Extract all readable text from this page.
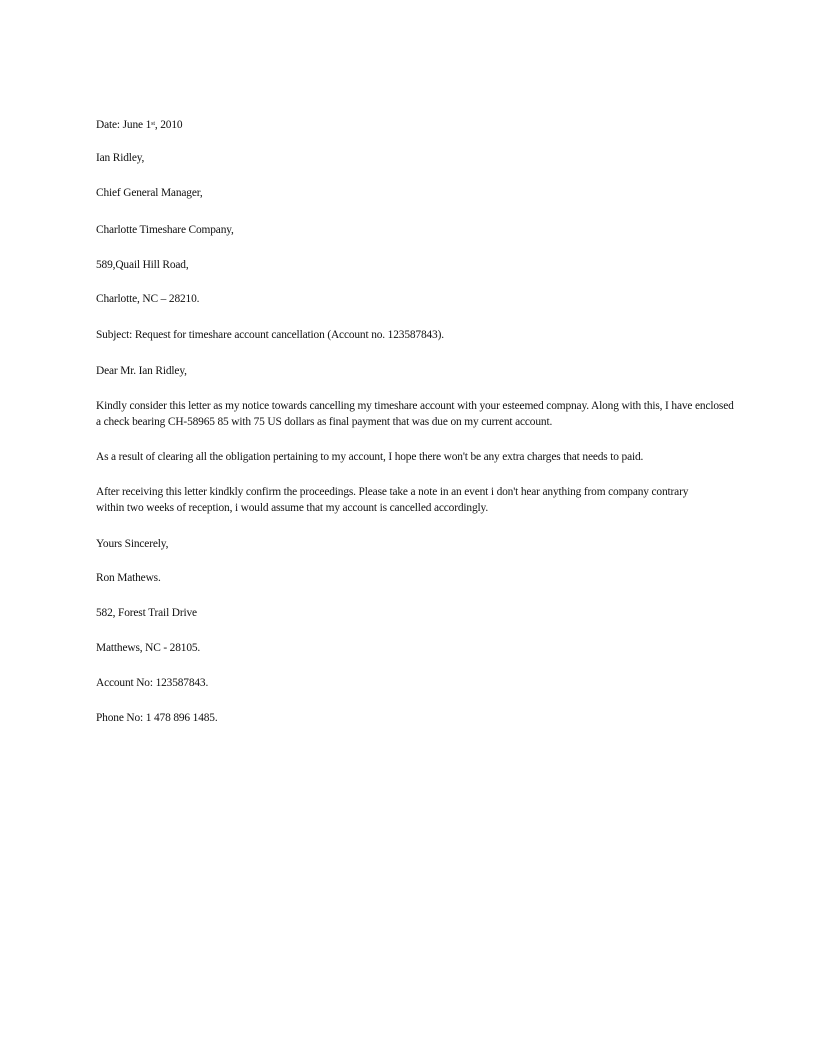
Date: June 1st, 2010
Ian Ridley,
Chief General Manager,
Charlotte Timeshare Company,
589,Quail Hill Road,
Charlotte, NC – 28210.
Subject: Request for timeshare account cancellation (Account no. 123587843).
Dear Mr. Ian Ridley,
Kindly consider this letter as my notice towards cancelling my timeshare account with your esteemed compnay. Along with this, I have enclosed a check bearing CH-58965 85 with 75 US dollars as final payment that was due on my current account.
As a result of clearing all the obligation pertaining to my account, I hope there won't be any extra charges that needs to paid.
After receiving this letter kindkly confirm the proceedings. Please take a note in an event i don't hear anything from company contrary within two weeks of reception, i would assume that my account is cancelled accordingly.
Yours Sincerely,
Ron Mathews.
582, Forest Trail Drive
Matthews, NC - 28105.
Account No: 123587843.
Phone No: 1 478 896 1485.
